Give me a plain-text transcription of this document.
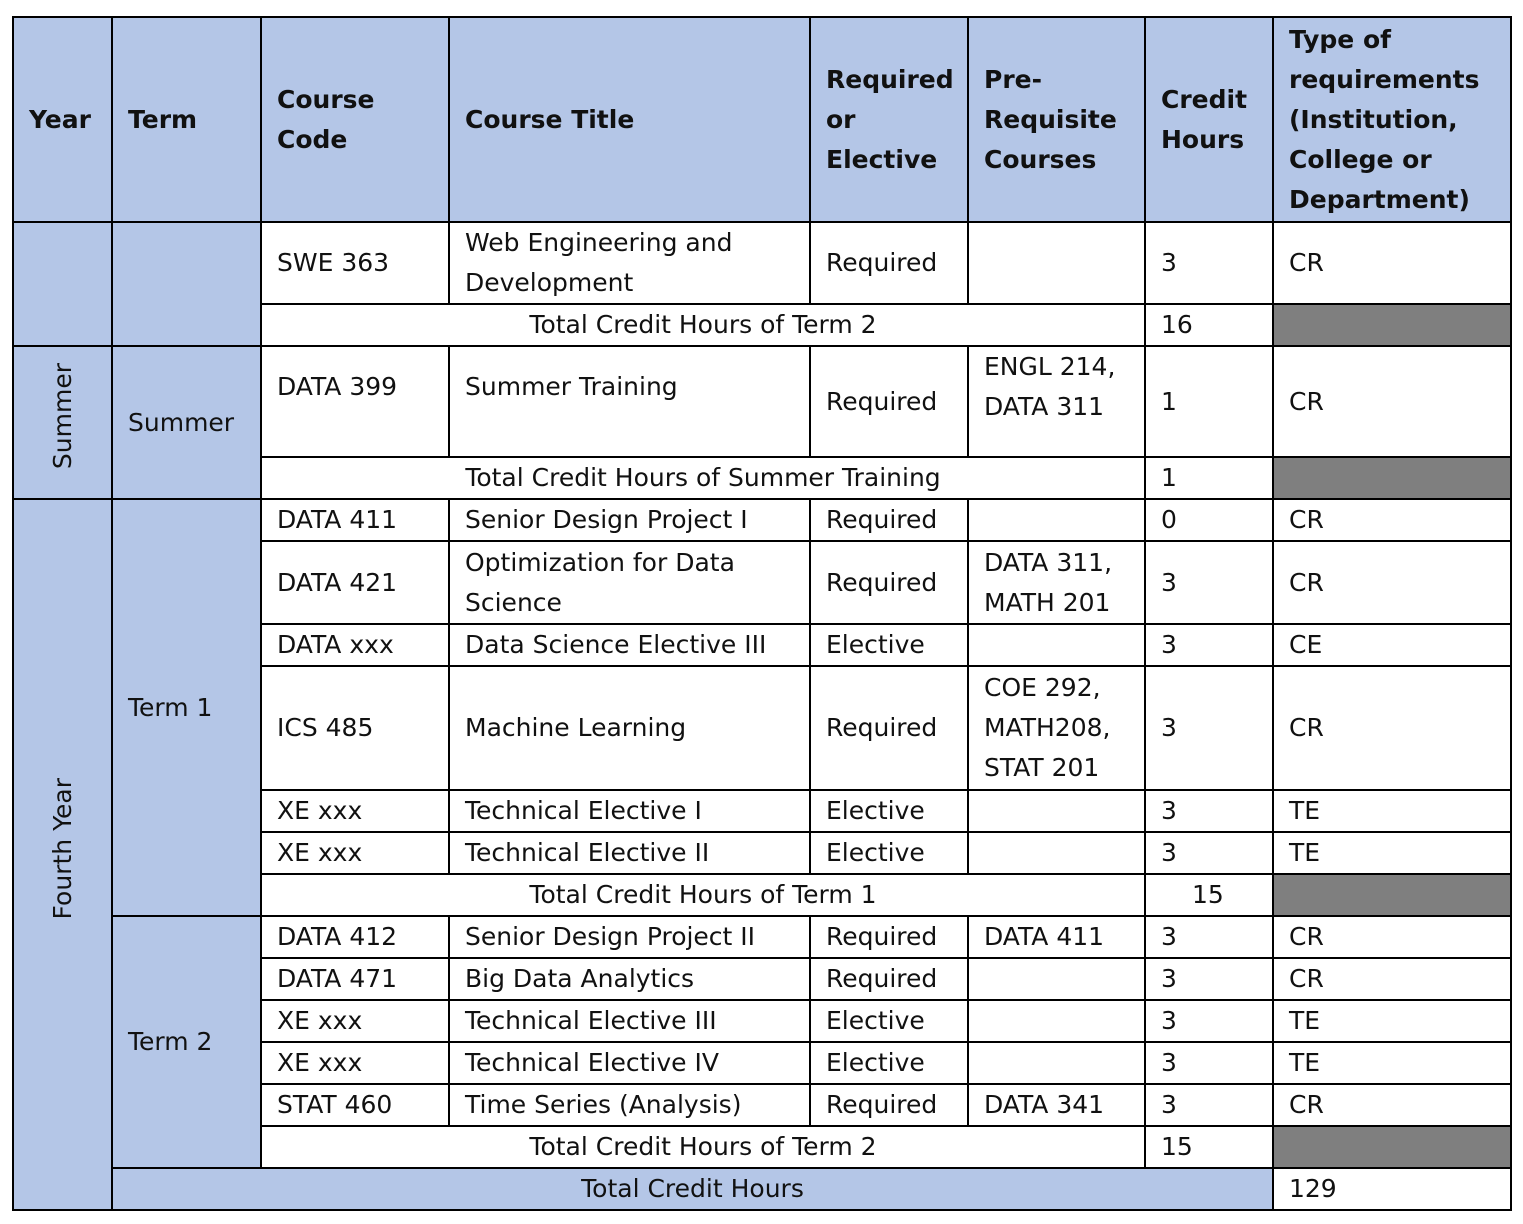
Year	Term	Course Code	Course Title	Required or Elective	Pre-Requisite Courses	Credit Hours	Type of requirements (Institution, College or Department)	
		SWE 363	Web Engineering and Development	Required		3	CR	
		Total Credit Hours of Term 2				16		
Summer	Summer	DATA 399	Summer Training	Required	ENGL 214, DATA 311	1	CR	
		Total Credit Hours of Summer Training				1		
Fourth Year	Term 1	DATA 411	Senior Design Project I	Required		0	CR	
		DATA 421	Optimization for Data Science	Required	DATA 311, MATH 201	3	CR	
		DATA xxx	Data Science Elective III	Elective		3	CE	
		ICS 485	Machine Learning	Required	COE 292, MATH208, STAT 201	3	CR	
		XE xxx	Technical Elective I	Elective		3	TE	
		XE xxx	Technical Elective II	Elective		3	TE	
		Total Credit Hours of Term 1				15		
	Term 2	DATA 412	Senior Design Project II	Required	DATA 411	3	CR	
		DATA 471	Big Data Analytics	Required		3	CR	
		XE xxx	Technical Elective III	Elective		3	TE	
		XE xxx	Technical Elective IV	Elective		3	TE	
		STAT 460	Time Series (Analysis)	Required	DATA 341	3	CR	
		Total Credit Hours of Term 2				15		
	Total Credit Hours						129	
